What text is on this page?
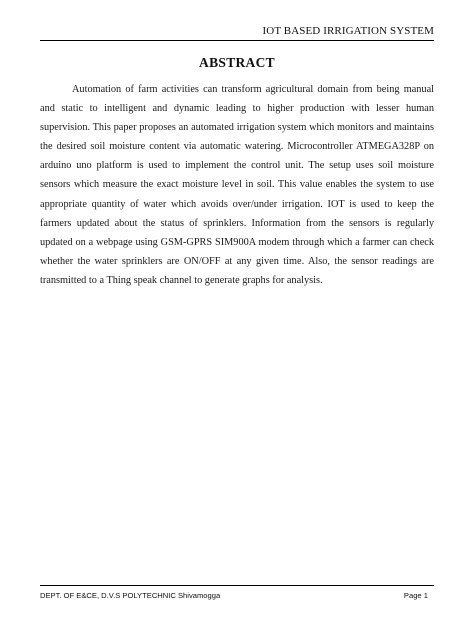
IOT BASED IRRIGATION SYSTEM
ABSTRACT

Automation of farm activities can transform agricultural domain from being manual and static to intelligent and dynamic leading to higher production with lesser human supervision. This paper proposes an automated irrigation system which monitors and maintains the desired soil moisture content via automatic watering. Microcontroller ATMEGA328P on arduino uno platform is used to implement the control unit. The setup uses soil moisture sensors which measure the exact moisture level in soil. This value enables the system to use appropriate quantity of water which avoids over/under irrigation. IOT is used to keep the farmers updated about the status of sprinklers. Information from the sensors is regularly updated on a webpage using GSM-GPRS SIM900A modem through which a farmer can check whether the water sprinklers are ON/OFF at any given time. Also, the sensor readings are transmitted to a Thing speak channel to generate graphs for analysis.

DEPT. OF E&CE, D.V.S POLYTECHNIC Shivamogga	Page 1
